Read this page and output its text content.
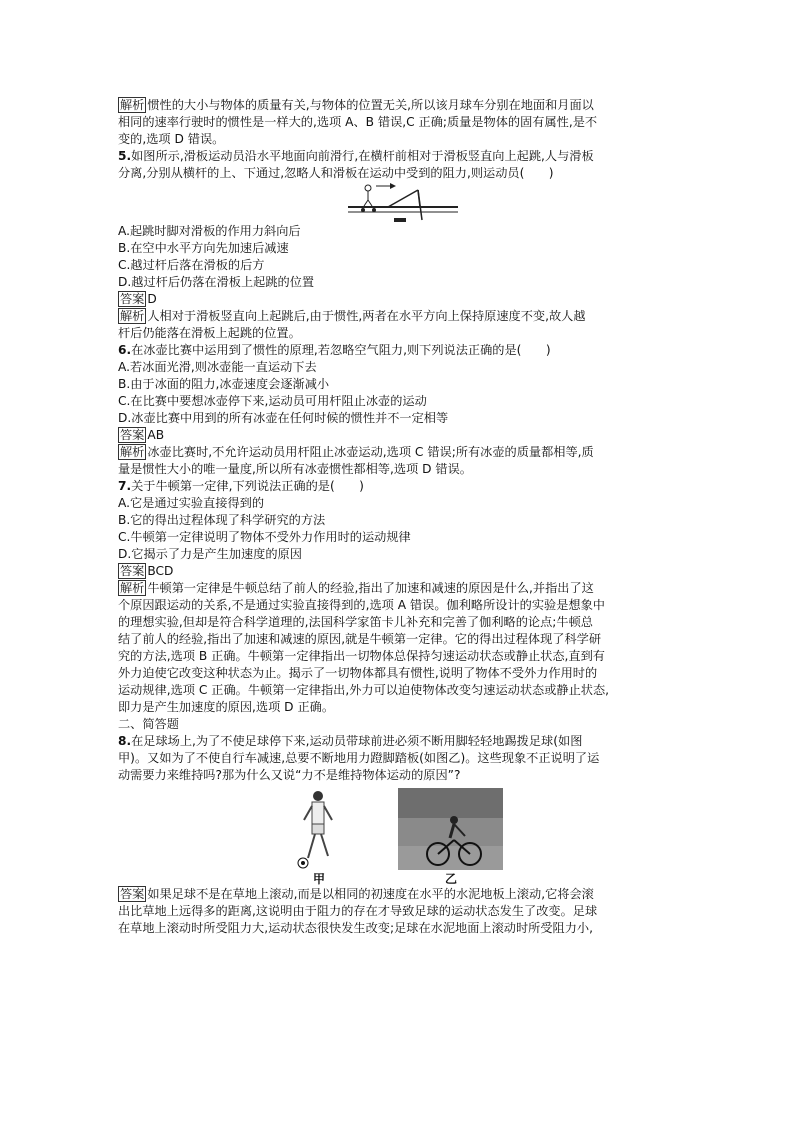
解析 惯性的大小与物体的质量有关,与物体的位置无关,所以该月球车分别在地面和月面以
相同的速率行驶时的惯性是一样大的,选项 A、B 错误,C 正确;质量是物体的固有属性,是不
变的,选项 D 错误。
5.如图所示,滑板运动员沿水平地面向前滑行,在横杆前相对于滑板竖直向上起跳,人与滑板
分离,分别从横杆的上、下通过,忽略人和滑板在运动中受到的阻力,则运动员(　　)
A.起跳时脚对滑板的作用力斜向后
B.在空中水平方向先加速后减速
C.越过杆后落在滑板的后方
D.越过杆后仍落在滑板上起跳的位置
答案 D
解析 人相对于滑板竖直向上起跳后,由于惯性,两者在水平方向上保持原速度不变,故人越
杆后仍能落在滑板上起跳的位置。
6.在冰壶比赛中运用到了惯性的原理,若忽略空气阻力,则下列说法正确的是(　　)
A.若冰面光滑,则冰壶能一直运动下去
B.由于冰面的阻力,冰壶速度会逐渐减小
C.在比赛中要想冰壶停下来,运动员可用杆阻止冰壶的运动
D.冰壶比赛中用到的所有冰壶在任何时候的惯性并不一定相等
答案 AB
解析 冰壶比赛时,不允许运动员用杆阻止冰壶运动,选项 C 错误;所有冰壶的质量都相等,质
量是惯性大小的唯一量度,所以所有冰壶惯性都相等,选项 D 错误。
7.关于牛顿第一定律,下列说法正确的是(　　)
A.它是通过实验直接得到的
B.它的得出过程体现了科学研究的方法
C.牛顿第一定律说明了物体不受外力作用时的运动规律
D.它揭示了力是产生加速度的原因
答案 BCD
解析 牛顿第一定律是牛顿总结了前人的经验,指出了加速和减速的原因是什么,并指出了这
个原因跟运动的关系,不是通过实验直接得到的,选项 A 错误。伽利略所设计的实验是想象中
的理想实验,但却是符合科学道理的,法国科学家笛卡儿补充和完善了伽利略的论点;牛顿总
结了前人的经验,指出了加速和减速的原因,就是牛顿第一定律。它的得出过程体现了科学研
究的方法,选项 B 正确。牛顿第一定律指出一切物体总保持匀速运动状态或静止状态,直到有
外力迫使它改变这种状态为止。揭示了一切物体都具有惯性,说明了物体不受外力作用时的
运动规律,选项 C 正确。牛顿第一定律指出,外力可以迫使物体改变匀速运动状态或静止状态,
即力是产生加速度的原因,选项 D 正确。
二、简答题
8.在足球场上,为了不使足球停下来,运动员带球前进必须不断用脚轻轻地踢拨足球(如图
甲)。又如为了不使自行车减速,总要不断地用力蹬脚踏板(如图乙)。这些现象不正说明了运
动需要力来维持吗?那为什么又说“力不是维持物体运动的原因”?
甲	乙
答案 如果足球不是在草地上滚动,而是以相同的初速度在水平的水泥地板上滚动,它将会滚
出比草地上远得多的距离,这说明由于阻力的存在才导致足球的运动状态发生了改变。足球
在草地上滚动时所受阻力大,运动状态很快发生改变;足球在水泥地面上滚动时所受阻力小,
